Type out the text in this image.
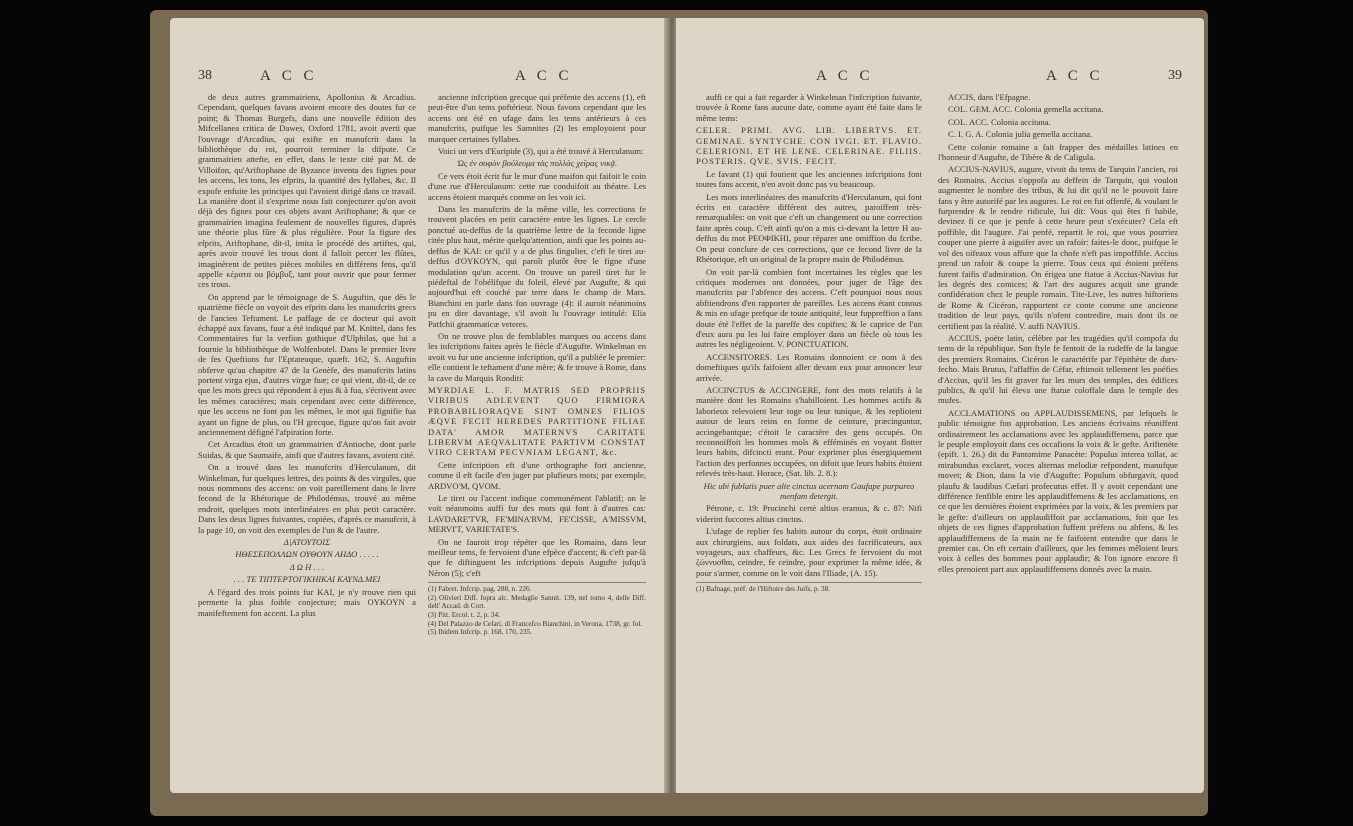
38	A C C	A C C

de deux autres grammairiens, Apollonius & Arcadius. Cependant, quelques favans avoient encore des doutes fur ce point; & Thomas Burgefs, dans une nouvelle édition des Mifcellanea critica de Dawes, Oxford 1781, avoit averti que l'ouvrage d'Arcadius, qui exifte en manufcrit dans la bibliothèque du roi, pourroit terminer la difpute. Ce grammairien attefte, en effet, dans le texte cité par M. de Villoifon, qu'Ariftophane de Byzance inventa des fignes pour les accens, les tons, les efprits, la quantité des fyllabes, &c. Il expofe enfuite les principes qui l'avoient dirigé dans ce travail. La manière dont il s'exprime nous fait conjecturer qu'on avoit déjà des fignes pour ces objets avant Ariftophane; & que ce grammairien imagina feulement de nouvelles figures, d'après une théorie plus fûre & plus régulière. Pour la figure des efprits, Ariftophane, dit-il, imita le procédé des artiftes, qui, après avoir trouvé les trous dont il falloit percer les flûtes, imaginèrent de petites pièces mobiles en différens fens, qu'il appelle κέρατα ou βόμβυξ, tant pour ouvrir que pour fermer ces trous.

On apprend par le témoignage de S. Auguftin, que dès le quatrième fiècle on voyoit des efprits dans les manufcrits grecs de l'ancien Teftament. Le paffage de ce docteur qui avoit échappé aux favans, fuur a été indiqué par M. Knittel, dans fes Commentaires fur la verfion gothique d'Ulphilas, que lui a fournie la bibliothèque de Wolfenbutel. Dans le premier livre de fes Queftions fur l'Eptateuque, quæft. 162, S. Auguftin obferve qu'au chapitre 47 de la Genèfe, des manufcrits latins portent virga ejus, d'autres virgæ fuæ; ce qui vient, dit-il, de ce que les mots grecs qui répondent à ejus & à fua, s'écrivent avec les mêmes caractères; mais cependant avec cette différence, que les accens ne font pas les mêmes, le mot qui fignifie fua ayant un figne de plus, ou l'H grecque, figure qu'on fait avoir anciennement défigné l'afpiration forte.

Cet Arcadius étoit un grammairien d'Antioche, dont parle Suidas, & que Saumaife, ainfi que d'autres favans, avoient cité.

On a trouvé dans les manufcrits d'Herculanum, dit Winkelman, fur quelques lettres, des points & des virgules, que nous nommons des accens: on voit pareillement dans le livre fecond de la Rhétorique de Philodémus, trouvé au même endroit, quelques mots interlinéaires en plus petit caractère. Dans les deux lignes fuivantes, copiées, d'après ce manufcrit, à la page 10, on voit des exemples de l'un & de l'autre.

Δ|ΑΤΟΥΤΟΙΣ

ΗΘΕΣΕΠΟΛΛΩΝ ΟΥΘΟΥΝ ΑΗΔΟ . . . . .

Δ Ω Η . . .

. . . ΤΕ ΤΙΠΤΕΡΤΟΓΙΚΗΙΚΑΙ ΚΑΥΝΔ.ΜΕΙ

A l'égard des trois points fur KAI, je n'y trouve rien qui permette la plus foible conjecture; mais OYKOYN a manifeftement fon accent. La plus

ancienne infcription grecque qui préfente des accens (1), eft peut-être d'un tems poftérieur. Nous favons cependant que les accens ont été en ufage dans les tems antérieurs à ces manufcrits, puifque les Samnites (2) les employoient pour marquer certaines fyllabes.

Voici un vers d'Euripide (3), qui a été trouvé à Herculanum:

Ὡς ἐν σοφὸν βούλευμα τὰς πολλὰς χεῖρας νικᾷ.

Ce vers étoit écrit fur le mur d'une maifon qui faifoit le coin d'une rue d'Herculanum: cette rue conduifoit au théatre. Les accens étoient marqués comme on les voit ici.

Dans les manufcrits de la même ville, les corrections fe trouvent placées en petit caractère entre les lignes. Le cercle ponctué au-deffus de la quatrième lettre de la feconde ligne citée plus haut, mérite quelqu'attention, ainfi que les points au-deffus de KAI: ce qu'il y a de plus fingulier, c'eft le tiret au-deffus d'OYKOYN, qui paroît plutôt être le figne d'une modulation qu'un accent. On trouve un pareil tiret fur le piédeftal de l'obélifque du foleil, élevé par Augufte, & qui aujourd'hui eft couché par terre dans le champ de Mars. Bianchini en parle dans fon ouvrage (4): il auroit néanmoins pu en dire davantage, s'il avoit lu l'ouvrage intitulé: Elia Patfchii grammaticæ veteres.

On ne trouve plus de femblables marques ou accens dans les infcriptions faites après le fiècle d'Augufte. Winkelman en avoit vu fur une ancienne infcription, qu'il a publiée le premier: elle contient le teftament d'une mère; & fe trouve à Rome, dans la cave du Marquis Ronditi:

MYRDIAE L. F. MATRIS SED PROPRIIS VIRIBUS ADLEVENT QUO FIRMIORA PROBABILIORAQVE SINT OMNES FILIOS ÆQVE FECIT HEREDES PARTITIONE FILIAE DATA' AMOR MATERNVS CARITATE LIBERVM AEQVALITATE PARTIVM CONSTAT VIRO CERTAM PECVNIAM LEGANT, &c.

Cette infcription eft d'une orthographe fort ancienne, comme il eft facile d'en juger par plufieurs mots; par exemple, ARDVO'M, QVOM.

Le tiret ou l'accent indique communément l'ablatif; on le voit néanmoins auffi fur des mots qui font à d'autres cas: LAVDARE'TVR, FE'MINA'RVM, FE'CISSE, A'MISSVM, MERVI'T, VARIETATE'S.

On ne fauroit trop répéter que les Romains, dans leur meilleur tems, fe fervoient d'une efpèce d'accent; & c'eft par-là que fe diftinguent les infcriptions depuis Augufte jufqu'à Néron (5); c'eft

(1) Fabret. Infcrip. pag. 288, n. 226.
(2) Olivieri Diff. fopra alc. Medaglie Sannit. 139, nel tomo 4, delle Diff. dell' Accad. di Cort.
(3) Pitt. Ercol. t. 2, p. 34.
(4) Del Palazzo de Cefari, di Francefco Bianchini, in Verona, 1738, gr. fol.
(5) Ibidem Infcrip. p. 168, 170, 235.
A C C	A C C	39

auffi ce qui a fait regarder à Winkelman l'infcription fuivante, trouvée à Rome fans aucune date, comme ayant été faite dans le même tems:

CELER. PRIMI. AVG. LIB. LIBERTVS. ET. GEMINAE. SYNTYCHE. CON IVGI. ET. FLAVIO. CELERIONI. ET HE LENE. CELERINAE. FILIIS. POSTERIS. QVE. SVIS. FECIT.

Le favant (1) qui foutient que les anciennes infcriptions font toutes fans accent, n'en avoit donc pas vu beaucoup.

Les mots interlinéaires des manufcrits d'Herculanum, qui font écrits en caractère différent des autres, paroiffent très-remarquables: on voit que c'eft un changement ou une correction faite après coup. C'eft ainfi qu'on a mis ci-devant la lettre H au-deffus du mot ΡΕΟΦΙΚΗΙ, pour réparer une omiffion du fcribe. On peut conclure de ces corrections, que ce fecond livre de la Rhétorique, eft un original de la propre main de Philodémus.

On voit par-là combien font incertaines les règles que les critiques modernes ont données, pour juger de l'âge des manufcrits par l'abfence des accens. C'eft pourquoi nous nous abftiendrons d'en rapporter de pareilles. Les accens étant connus & mis en ufage prefque de toute antiquité, leur fuppreffion a fans doute été l'effet de la pareffe des copiftes; & le caprice de l'un d'eux aura pu les lui faire employer dans un fiècle où tous les autres les négligeoient. V. PONCTUATION.

ACCENSITORES. Les Romains donnoient ce nom à des domeftiques qu'ils faifoient aller devant eux pour annoncer leur arrivée.

ACCINCTUS & ACCINGERE, font des mots relatifs à la manière dont les Romains s'habilloient. Les hommes actifs & laborieux relevoient leur toge ou leur tunique, & les replioient autour de leurs reins en forme de ceinture, præcinguntur, accingebantque; c'étoit le caractère des gens occupés. On reconnoiffoit les hommes mols & efféminés en voyant flotter leurs habits, difcincti erant. Pour exprimer plus énergiquement l'action des perfonnes occupées, on difoit que leurs habits étoient relevés très-haut. Horace, (Sat. lib. 2. 8.):

Hic ubi fublatis puer alte cinctus acernam Gaufape purpureo menfam detergit.

Pétrone, c. 19: Procinchi certè altius eramus, & c. 87: Nifi viderint fuccores altius cinctos.

L'ufage de replier fes habits autour du corps, étoit ordinaire aux chirurgiens, aux foldats, aux aides des facrificateurs, aux voyageurs, aux chaffeurs, &c. Les Grecs fe fervoient du mot ζώννυσθαι, ceindre, fe ceindre, pour exprimer la même idée, & pour s'armer, comme on le voit dans l'Iliade, (A. 15).

(1) Bafnage, préf. de l'Hiftoire des Juifs, p. 38.

ACCIS, dans l'Efpagne.

COL. GEM. ACC. Colonia gemella accitana.

COL. ACC. Colonia accitana.

C. I. G. A. Colonia julia gemella accitana.

Cette colonie romaine a fait frapper des médailles latines en l'honneur d'Augufte, de Tibère & de Caligula.

ACCIUS-NAVIUS, augure, vivoit du tems de Tarquin l'ancien, roi des Romains. Accius s'oppofa au deffein de Tarquin, qui vouloit augmenter le nombre des tribus, & lui dit qu'il ne le pouvoit faire fans y être autorifé par les augures. Le roi en fut offenfé, & voulant le furprendre & le rendre ridicule, lui dit: Vous qui êtes fi habile, devinez fi ce que je penfe à cette heure peut s'exécuter? Cela eft poffible, dit l'augure. J'ai penfé, repartit le roi, que vous pourriez couper une pierre à aiguifer avec un rafoir: faites-le donc, puifque le vol des oifeaux vous affure que la chofe n'eft pas impoffible. Accius prend un rafoir & coupe la pierre. Tous ceux qui étoient préfens furent faifis d'admiration. On érigea une ftatue à Accius-Navius fur les degrés des comices; & l'art des augures acquit une grande confidération chez le peuple romain. Tite-Live, les autres hiftoriens de Rome & Cicéron, rapportent ce conte comme une ancienne tradition de leur pays, qu'ils n'ofent contredire, mais dont ils ne certifient pas la réalité. V. auffi NAVIUS.

ACCIUS, poëte latin, célèbre par les tragédies qu'il compofa du tems de la république. Son ftyle fe fentoit de la rudeffe de la langue des premiers Romains. Cicéron le caractérife par l'épithète de durs-fecho. Mais Brutus, l'affaffin de Céfar, eftimoit tellement les poéfies d'Accius, qu'il les fit graver fur les murs des temples, des édifices publics, & qu'il lui éleva une ftatue coloffale dans le temple des mufes.

ACCLAMATIONS ou APPLAUDISSEMENS, par lefquels le public témoigne fon approbation. Les anciens écrivains réuniffent ordinairement les acclamations avec les applaudiffemens, parce que le peuple employoit dans ces occafions la voix & le gefte. Ariftenète (epift. 1. 26.) dit du Pantomime Panacète: Populus interea tollat, ac mirabundus exclaret, voces alternas melodiæ refpondent, manufque movet; & Dion, dans la vie d'Augufte: Populum obfurgavit, quod plaufu & laudibus Cæfari profecutus effet. Il y avoit cependant une différence fenfible entre les applaudiffemens & les acclamations, en ce que les dernières étoient exprimées par la voix, & les premiers par le gefte: d'ailleurs on applaudiffoit par acclamations, foit que les objets de ces fignes d'approbation fuffent préfens ou abfens, & les applaudiffemens de la main ne fe faifoient entendre que dans le premier cas. On eft certain d'ailleurs, que les femmes mêloient leurs voix à celles des hommes pour applaudir; & l'on ignore encore fi elles prenoient part aux applaudiffemens donnés avec la main.
